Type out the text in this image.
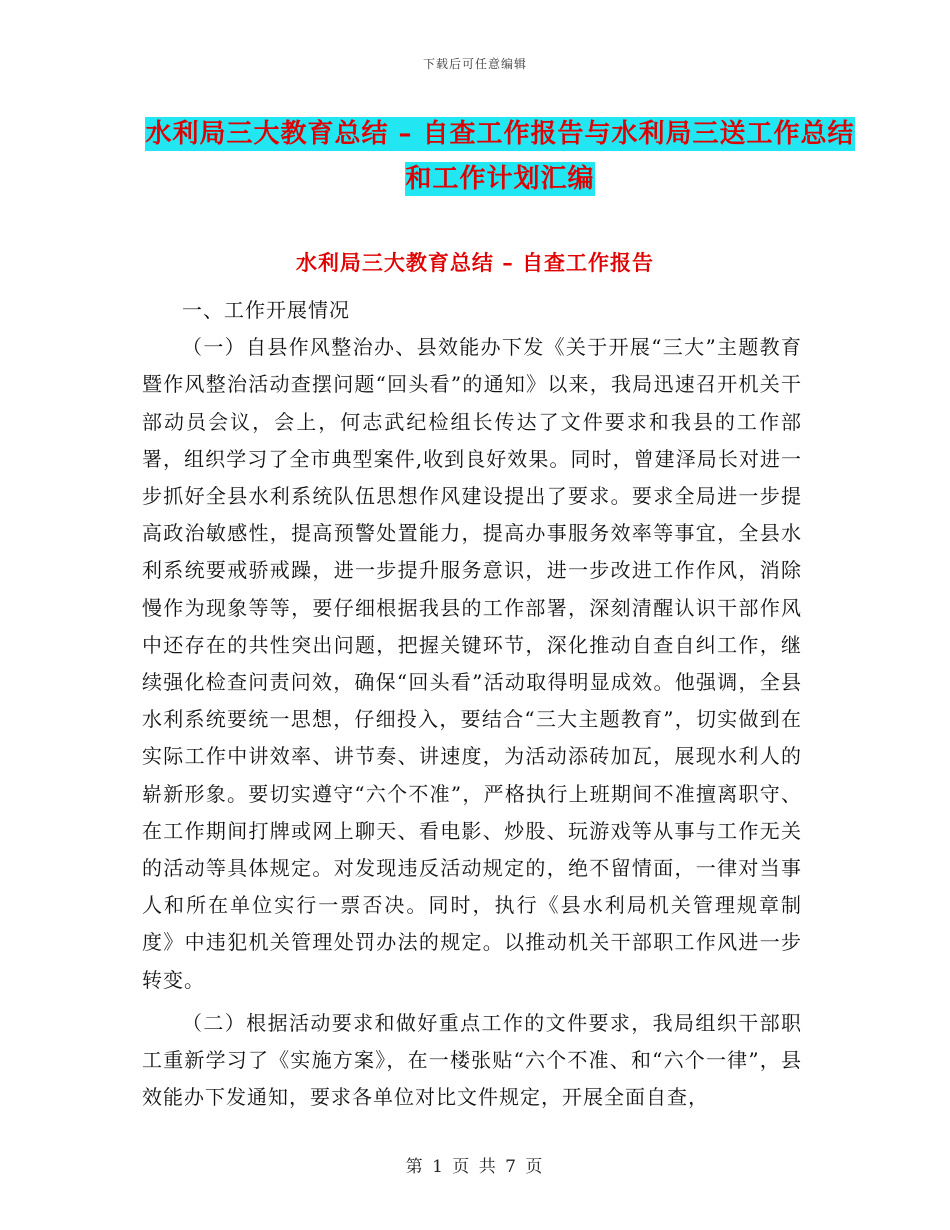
下载后可任意编辑
水利局三大教育总结 – 自查工作报告与水利局三送工作总结和工作计划汇编
水利局三大教育总结 – 自查工作报告

一、工作开展情况

（一）自县作风整治办、县效能办下发《关于开展“三大”主题教育暨作风整治活动查摆问题“回头看”的通知》以来，我局迅速召开机关干部动员会议，会上，何志武纪检组长传达了文件要求和我县的工作部署，组织学习了全市典型案件,收到良好效果。同时，曾建泽局长对进一步抓好全县水利系统队伍思想作风建设提出了要求。要求全局进一步提高政治敏感性，提高预警处置能力，提高办事服务效率等事宜，全县水利系统要戒骄戒躁，进一步提升服务意识，进一步改进工作作风，消除慢作为现象等等，要仔细根据我县的工作部署，深刻清醒认识干部作风中还存在的共性突出问题，把握关键环节，深化推动自查自纠工作，继续强化检查问责问效，确保“回头看”活动取得明显成效。他强调，全县水利系统要统一思想，仔细投入，要结合“三大主题教育”，切实做到在实际工作中讲效率、讲节奏、讲速度，为活动添砖加瓦，展现水利人的崭新形象。要切实遵守“六个不准”，严格执行上班期间不准擅离职守、在工作期间打牌或网上聊天、看电影、炒股、玩游戏等从事与工作无关的活动等具体规定。对发现违反活动规定的，绝不留情面，一律对当事人和所在单位实行一票否决。同时，执行《县水利局机关管理规章制度》中违犯机关管理处罚办法的规定。以推动机关干部职工作风进一步转变。

（二）根据活动要求和做好重点工作的文件要求，我局组织干部职工重新学习了《实施方案》，在一楼张贴“六个不准、和“六个一律”，县效能办下发通知，要求各单位对比文件规定，开展全面自查，

第 1 页 共 7 页
